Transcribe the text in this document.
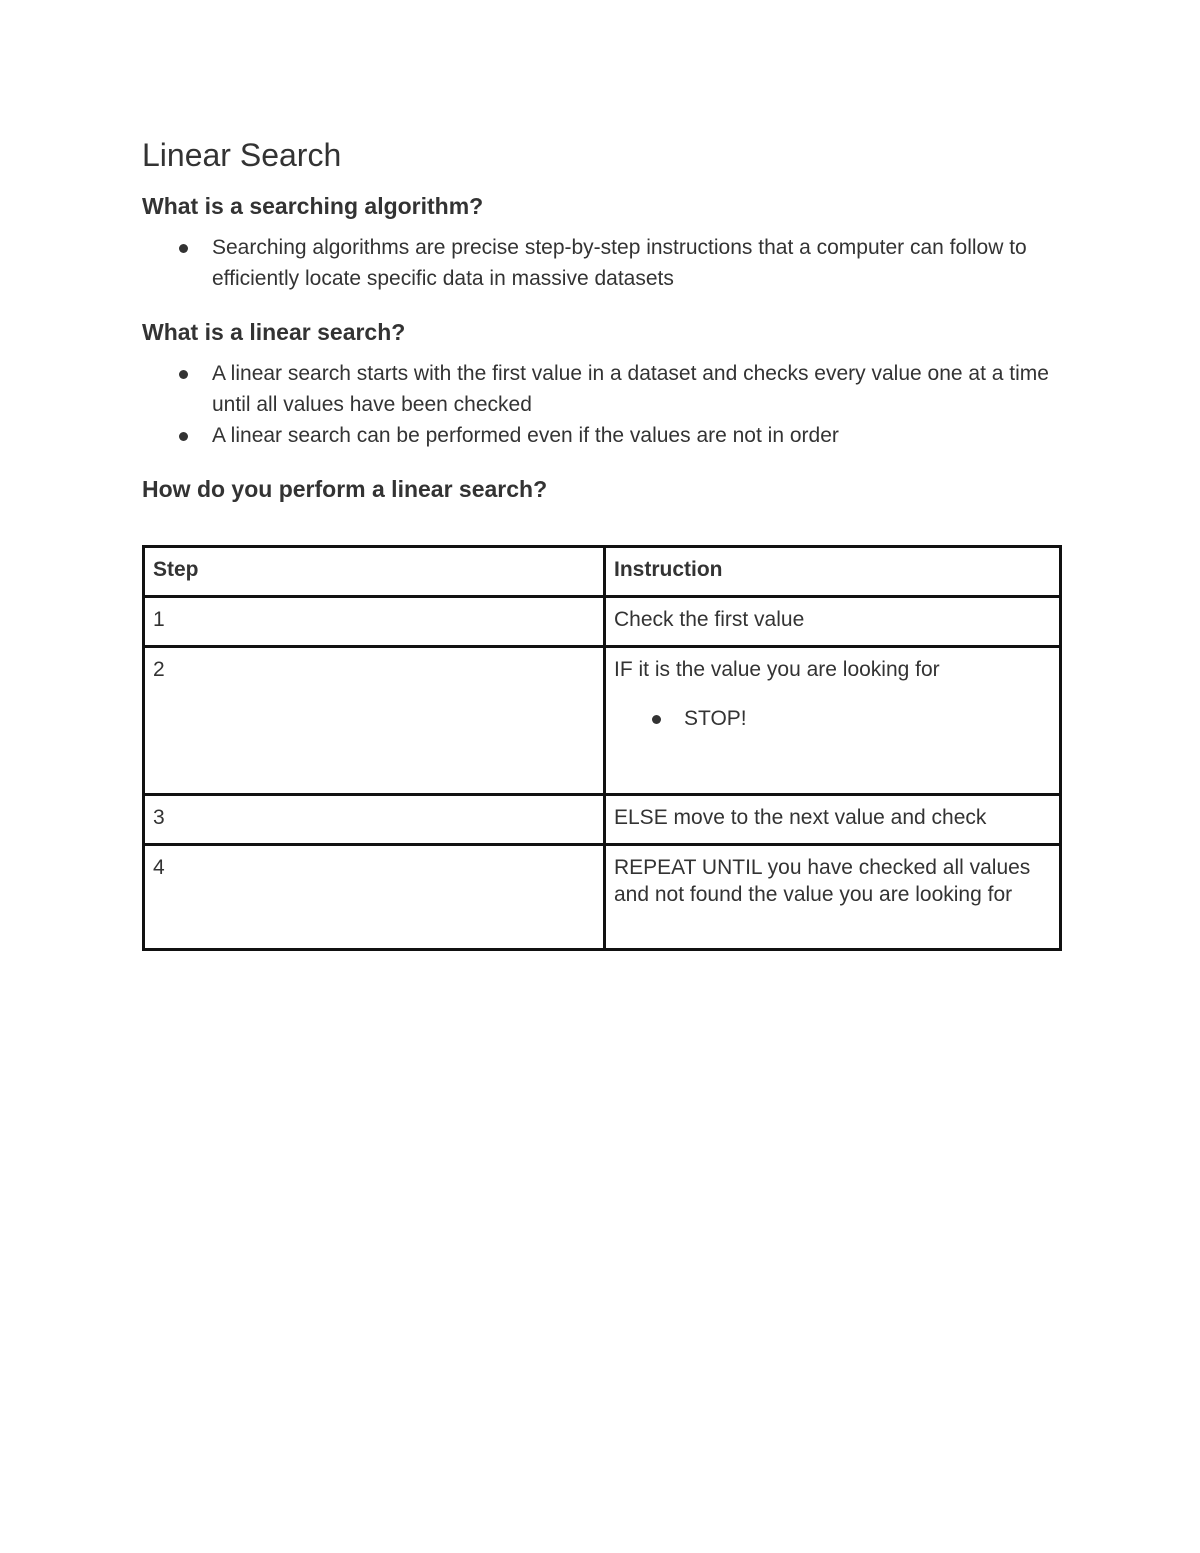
Linear Search
What is a searching algorithm?
Searching algorithms are precise step-by-step instructions that a computer can follow to efficiently locate specific data in massive datasets
What is a linear search?
A linear search starts with the first value in a dataset and checks every value one at a time until all values have been checked
A linear search can be performed even if the values are not in order
How do you perform a linear search?
Step	Instruction
1	Check the first value
2	IF it is the value you are looking for
STOP!

3	ELSE move to the next value and check
4	REPEAT UNTIL you have checked all values and not found the value you are looking for
